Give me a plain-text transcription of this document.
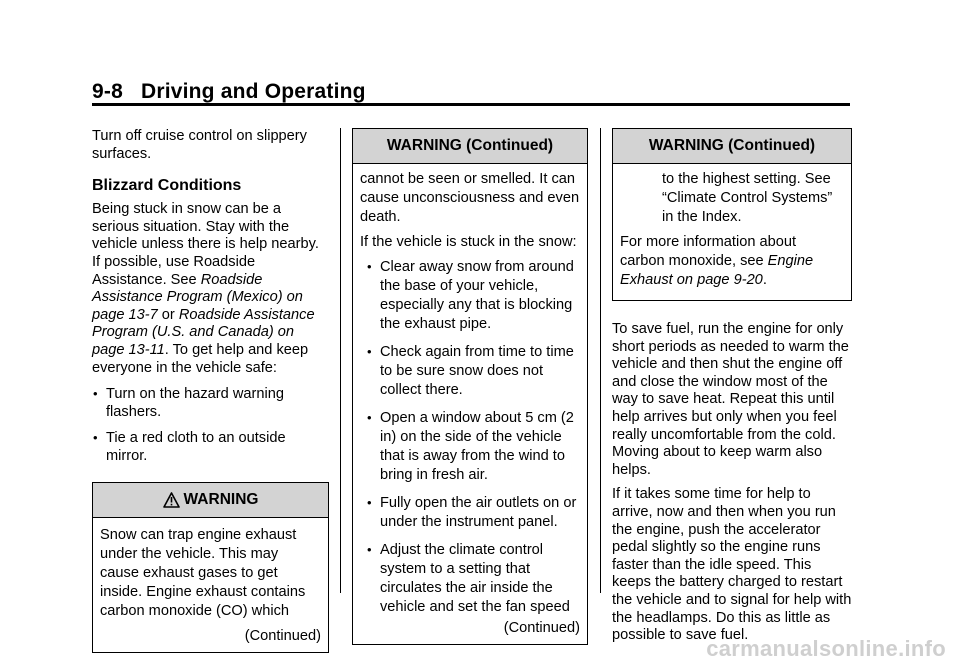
9-8 Driving and Operating

Turn off cruise control on slippery surfaces.

Blizzard Conditions

Being stuck in snow can be a serious situation. Stay with the vehicle unless there is help nearby. If possible, use Roadside Assistance. See Roadside Assistance Program (Mexico) on page 13-7 or Roadside Assistance Program (U.S. and Canada) on page 13-11. To get help and keep everyone in the vehicle safe:

• Turn on the hazard warning flashers.
• Tie a red cloth to an outside mirror.
WARNING

Snow can trap engine exhaust under the vehicle. This may cause exhaust gases to get inside. Engine exhaust contains carbon monoxide (CO) which

(Continued)
WARNING (Continued)

cannot be seen or smelled. It can cause unconsciousness and even death.

If the vehicle is stuck in the snow:

• Clear away snow from around the base of your vehicle, especially any that is blocking the exhaust pipe.
• Check again from time to time to be sure snow does not collect there.
• Open a window about 5 cm (2 in) on the side of the vehicle that is away from the wind to bring in fresh air.
• Fully open the air outlets on or under the instrument panel.
• Adjust the climate control system to a setting that circulates the air inside the vehicle and set the fan speed
(Continued)
WARNING (Continued)

to the highest setting. See “Climate Control Systems” in the Index.

For more information about carbon monoxide, see Engine Exhaust on page 9-20.

To save fuel, run the engine for only short periods as needed to warm the vehicle and then shut the engine off and close the window most of the way to save heat. Repeat this until help arrives but only when you feel really uncomfortable from the cold. Moving about to keep warm also helps.

If it takes some time for help to arrive, now and then when you run the engine, push the accelerator pedal slightly so the engine runs faster than the idle speed. This keeps the battery charged to restart the vehicle and to signal for help with the headlamps. Do this as little as possible to save fuel.

carmanualsonline.info
